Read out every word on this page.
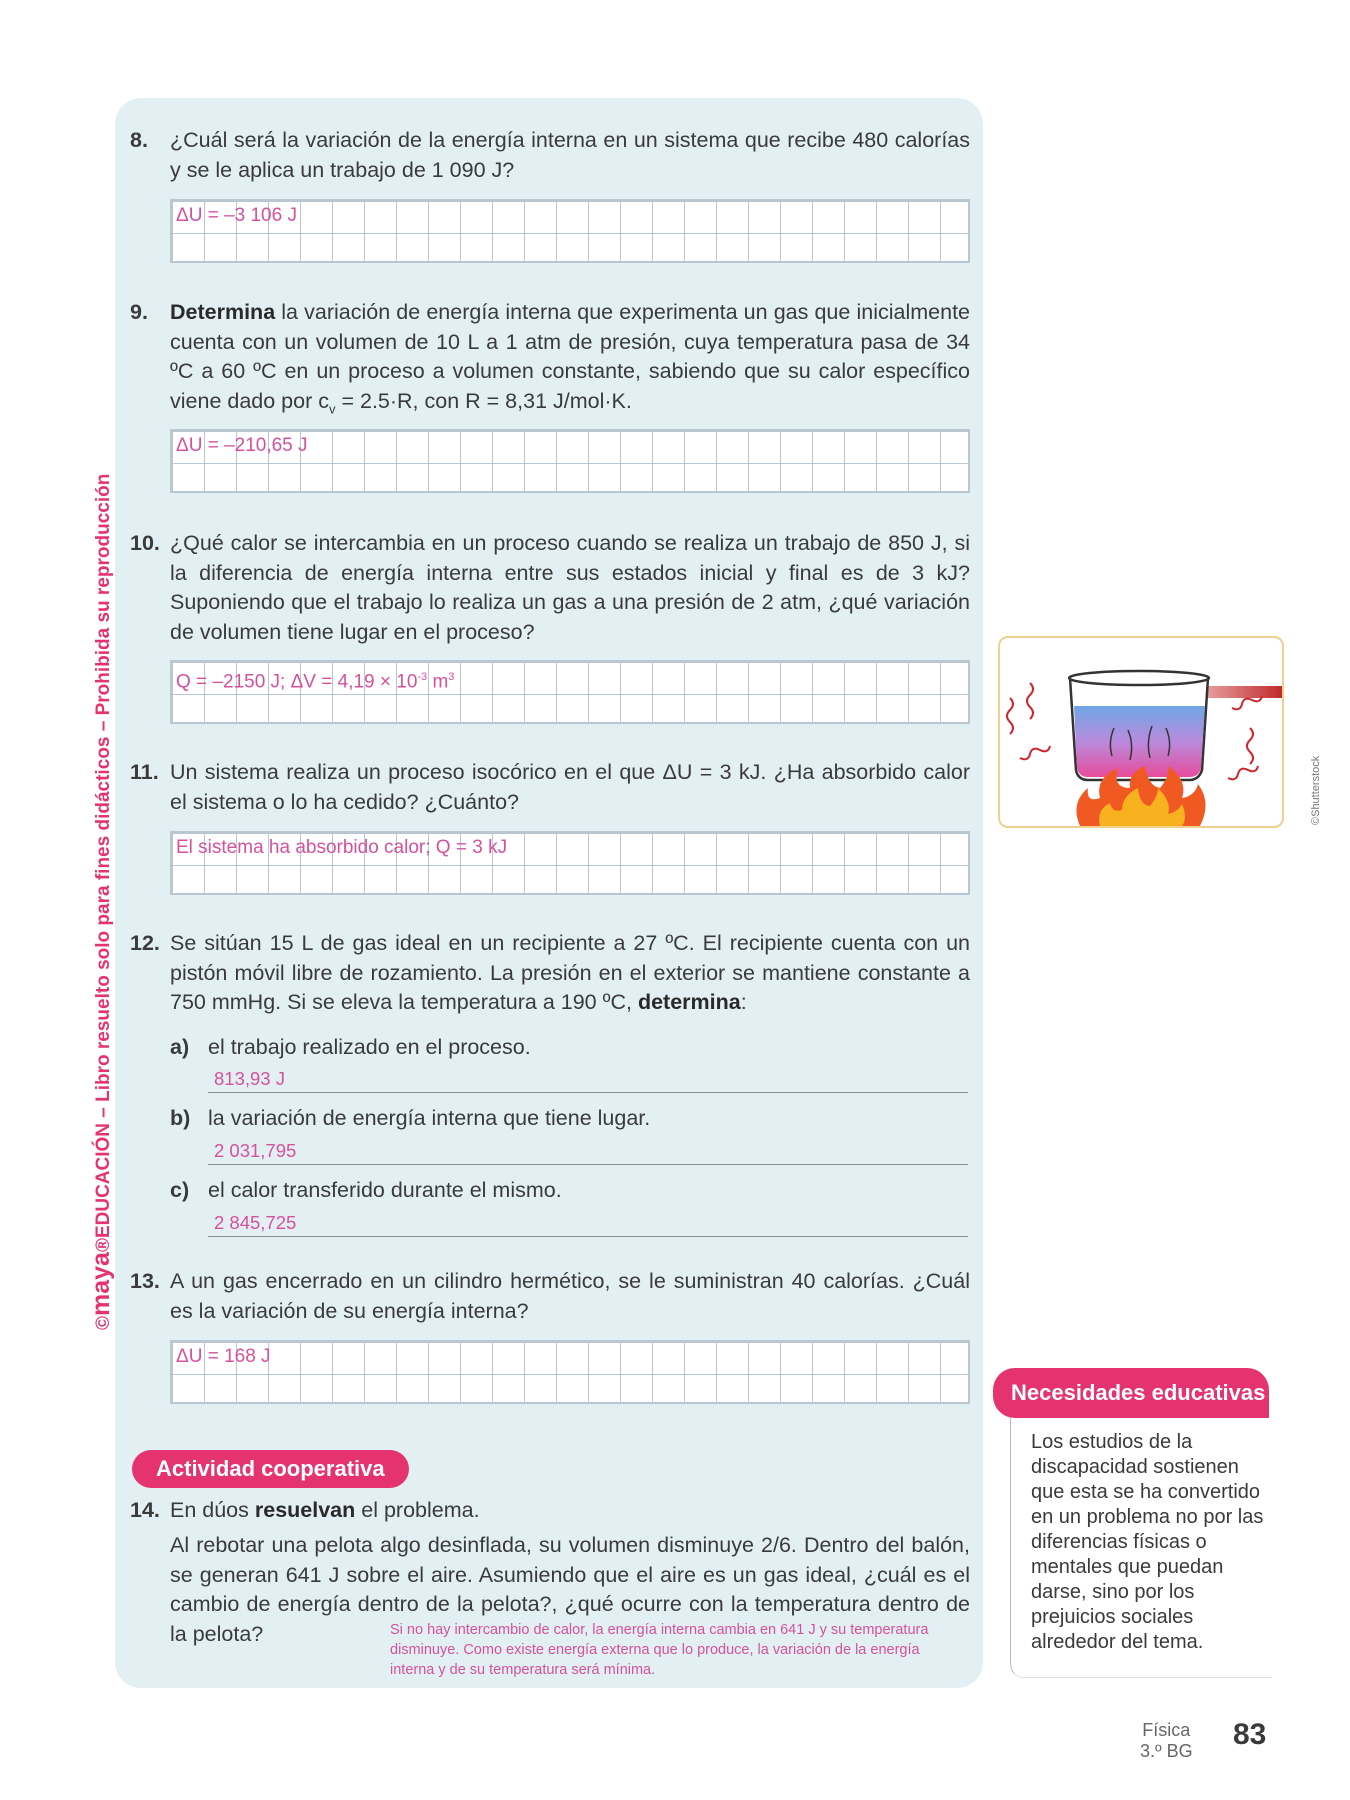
©maya®EDUCACIÓN – Libro resuelto solo para fines didácticos – Prohibida su reproducción
8. ¿Cuál será la variación de la energía interna en un sistema que recibe 480 calorías y se le aplica un trabajo de 1 090 J?
ΔU = –3 106 J
9. Determina la variación de energía interna que experimenta un gas que inicialmente cuenta con un volumen de 10 L a 1 atm de presión, cuya temperatura pasa de 34 ºC a 60 ºC en un proceso a volumen constante, sabiendo que su calor específico viene dado por $c_v = 2.5\cdot R$, con R = 8,31 J/mol·K.
ΔU = –210,65 J
10. ¿Qué calor se intercambia en un proceso cuando se realiza un trabajo de 850 J, si la diferencia de energía interna entre sus estados inicial y final es de 3 kJ? Suponiendo que el trabajo lo realiza un gas a una presión de 2 atm, ¿qué variación de volumen tiene lugar en el proceso?
Q = –2150 J; $\Delta V = 4,19 \times 10^{-3}$ $m^3$
11. Un sistema realiza un proceso isocórico en el que ΔU = 3 kJ. ¿Ha absorbido calor el sistema o lo ha cedido? ¿Cuánto?
El sistema ha absorbido calor; Q = 3 kJ
12. Se sitúan 15 L de gas ideal en un recipiente a 27 ºC. El recipiente cuenta con un pistón móvil libre de rozamiento. La presión en el exterior se mantiene constante a 750 mmHg. Si se eleva la temperatura a 190 ºC, determina:
a) el trabajo realizado en el proceso.
813,93 J
b) la variación de energía interna que tiene lugar.
2 031,795
c) el calor transferido durante el mismo.
2 845,725
13. A un gas encerrado en un cilindro hermético, se le suministran 40 calorías. ¿Cuál es la variación de su energía interna?
ΔU = 168 J
Actividad cooperativa
14. En dúos resuelvan el problema.
Al rebotar una pelota algo desinflada, su volumen disminuye 2/6. Dentro del balón, se generan 641 J sobre el aire. Asumiendo que el aire es un gas ideal, ¿cuál es el cambio de energía dentro de la pelota?, ¿qué ocurre con la temperatura dentro de la pelota?	Si no hay intercambio de calor, la energía interna cambia en 641 J y su temperatura disminuye. Como existe energía externa que lo produce, la variación de la energía interna y de su temperatura será mínima.
©Shutterstock
Necesidades educativas
Los estudios de la discapacidad sostienen que esta se ha convertido en un problema no por las diferencias físicas o mentales que puedan darse, sino por los prejuicios sociales alrededor del tema.
Física
3.º BG 83
